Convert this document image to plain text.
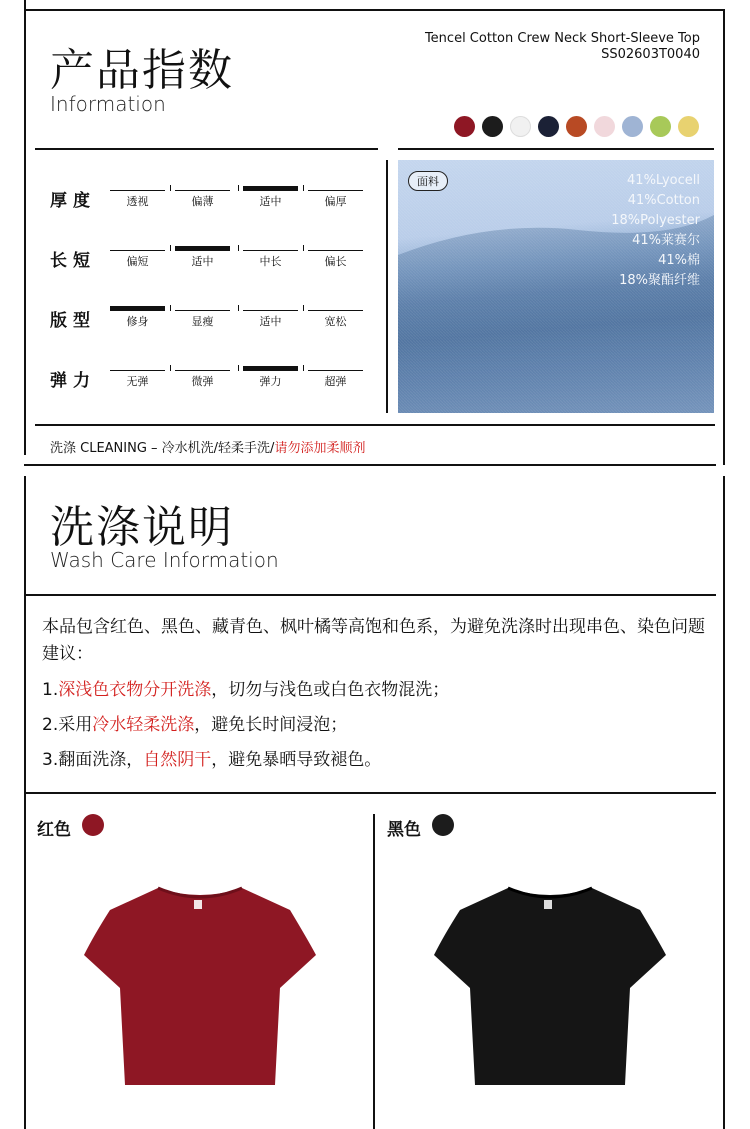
产品指数
Information
Tencel Cotton Crew Neck Short-Sleeve Top
SS02603T0040
厚度	透视	偏薄	适中	偏厚
长短	偏短	适中	中长	偏长
版型	修身	显瘦	适中	宽松
弹力	无弹	微弹	弹力	超弹
面料	41%Lyocell
41%Cotton
18%Polyester
41%莱赛尔
41%棉
18%聚酯纤维
洗涤 CLEANING – 冷水机洗/轻柔手洗/请勿添加柔顺剂
洗涤说明
Wash Care Information
本品包含红色、黑色、藏青色、枫叶橘等高饱和色系，为避免洗涤时出现串色、染色问题建议：
1.深浅色衣物分开洗涤，切勿与浅色或白色衣物混洗；
2.采用冷水轻柔洗涤，避免长时间浸泡；
3.翻面洗涤，自然阴干，避免暴晒导致褪色。
红色	黑色
